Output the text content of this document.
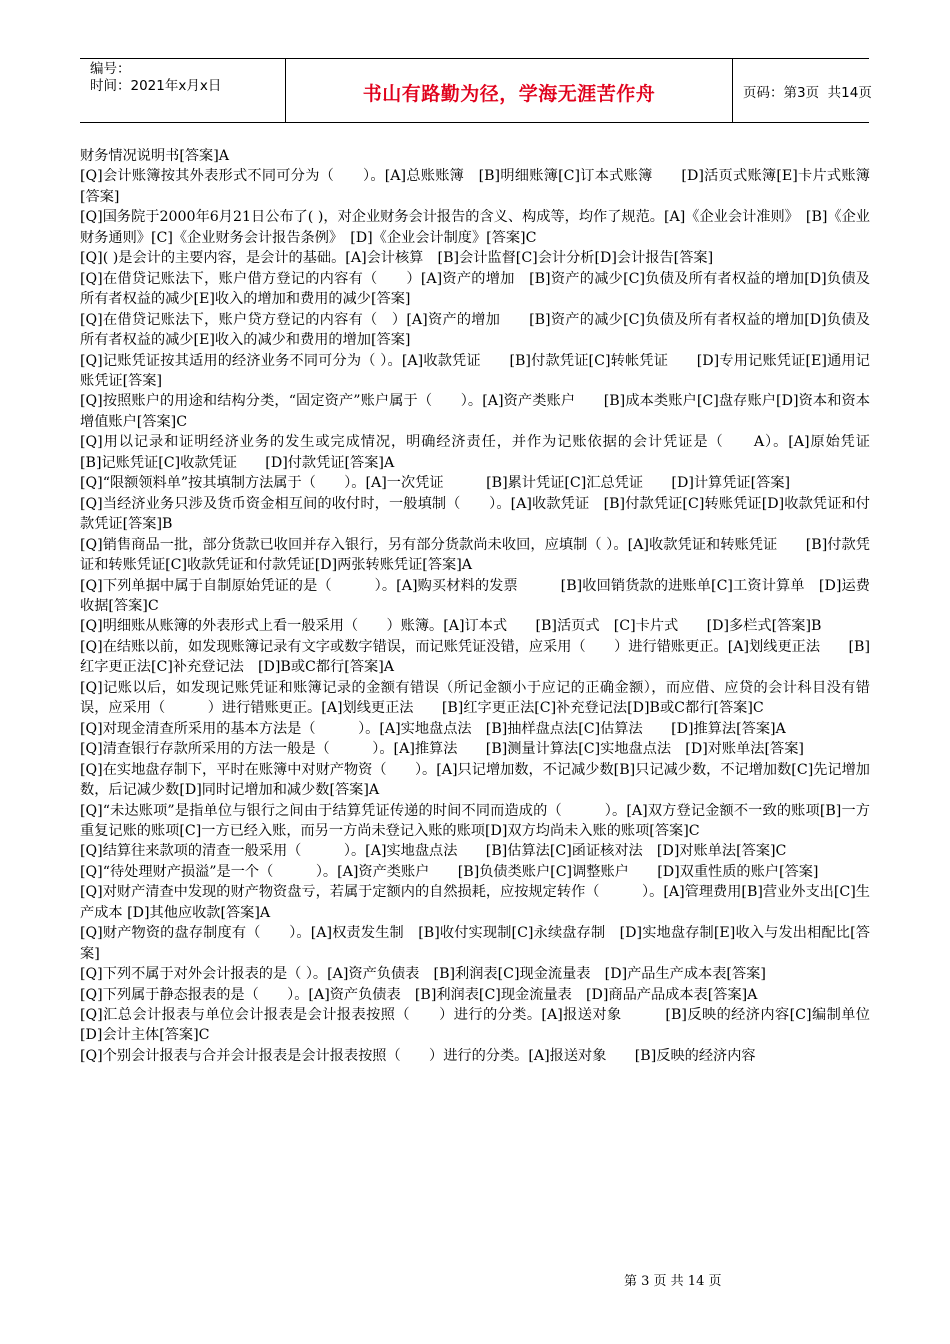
编号：
时间：2021年x月x日	书山有路勤为径，学海无涯苦作舟	页码：第3页  共14页

财务情况说明书[答案]A

[Q]会计账簿按其外表形式不同可分为（　　）。[A]总账账簿　[B]明细账簿[C]订本式账簿　　[D]活页式账簿[E]卡片式账簿[答案]

[Q]国务院于2000年6月21日公布了( )，对企业财务会计报告的含义、构成等，均作了规范。[A]《企业会计准则》　[B]《企业财务通则》[C]《企业财务会计报告条例》　[D]《企业会计制度》[答案]C

[Q]( )是会计的主要内容，是会计的基础。[A]会计核算　[B]会计监督[C]会计分析[D]会计报告[答案]

[Q]在借贷记账法下，账户借方登记的内容有（　　）[A]资产的增加　[B]资产的减少[C]负债及所有者权益的增加[D]负债及所有者权益的减少[E]收入的增加和费用的减少[答案]

[Q]在借贷记账法下，账户贷方登记的内容有（　）[A]资产的增加　　[B]资产的减少[C]负债及所有者权益的增加[D]负债及所有者权益的减少[E]收入的减少和费用的增加[答案]

[Q]记账凭证按其适用的经济业务不同可分为（ ）。[A]收款凭证　　[B]付款凭证[C]转帐凭证　　[D]专用记账凭证[E]通用记账凭证[答案]

[Q]按照账户的用途和结构分类，“固定资产”账户属于（　　）。[A]资产类账户　　[B]成本类账户[C]盘存账户[D]资本和资本增值账户[答案]C

[Q]用以记录和证明经济业务的发生或完成情况，明确经济责任，并作为记账依据的会计凭证是（　　A）。[A]原始凭证　　[B]记账凭证[C]收款凭证　　[D]付款凭证[答案]A

[Q]“限额领料单”按其填制方法属于（　　）。[A]一次凭证　　　[B]累计凭证[C]汇总凭证　　[D]计算凭证[答案]

[Q]当经济业务只涉及货币资金相互间的收付时，一般填制（　　）。[A]收款凭证　[B]付款凭证[C]转账凭证[D]收款凭证和付款凭证[答案]B

[Q]销售商品一批，部分货款已收回并存入银行，另有部分货款尚未收回，应填制（ ）。[A]收款凭证和转账凭证　　[B]付款凭证和转账凭证[C]收款凭证和付款凭证[D]两张转账凭证[答案]A

[Q]下列单据中属于自制原始凭证的是（　　　）。[A]购买材料的发票　　　[B]收回销货款的进账单[C]工资计算单　[D]运费收据[答案]C

[Q]明细账从账簿的外表形式上看一般采用（　　）账簿。[A]订本式　　[B]活页式　[C]卡片式　　[D]多栏式[答案]B

[Q]在结账以前，如发现账簿记录有文字或数字错误，而记账凭证没错，应采用（　　）进行错账更正。[A]划线更正法　　[B]红字更正法[C]补充登记法　[D]B或C都行[答案]A

[Q]记账以后，如发现记账凭证和账簿记录的金额有错误（所记金额小于应记的正确金额），而应借、应贷的会计科目没有错误，应采用（　　　）进行错账更正。[A]划线更正法　　[B]红字更正法[C]补充登记法[D]B或C都行[答案]C

[Q]对现金清查所采用的基本方法是（　　　）。[A]实地盘点法　[B]抽样盘点法[C]估算法　　[D]推算法[答案]A

[Q]清查银行存款所采用的方法一般是（　　　）。[A]推算法　　[B]测量计算法[C]实地盘点法　[D]对账单法[答案]

[Q]在实地盘存制下，平时在账簿中对财产物资（　　）。[A]只记增加数，不记减少数[B]只记减少数，不记增加数[C]先记增加数，后记减少数[D]同时记增加和减少数[答案]A

[Q]“未达账项”是指单位与银行之间由于结算凭证传递的时间不同而造成的（　　　）。[A]双方登记金额不一致的账项[B]一方重复记账的账项[C]一方已经入账，而另一方尚未登记入账的账项[D]双方均尚未入账的账项[答案]C

[Q]结算往来款项的清查一般采用（　　　）。[A]实地盘点法　　[B]估算法[C]函证核对法　[D]对账单法[答案]C

[Q]“待处理财产损溢”是一个（　　　）。[A]资产类账户　　[B]负债类账户[C]调整账户　　[D]双重性质的账户[答案]

[Q]对财产清查中发现的财产物资盘亏，若属于定额内的自然损耗，应按规定转作（　　　）。[A]管理费用[B]营业外支出[C]生产成本 [D]其他应收款[答案]A

[Q]财产物资的盘存制度有（　　）。[A]权责发生制　[B]收付实现制[C]永续盘存制　[D]实地盘存制[E]收入与发出相配比[答案]

[Q]下列不属于对外会计报表的是（ ）。[A]资产负债表　[B]利润表[C]现金流量表　[D]产品生产成本表[答案]

[Q]下列属于静态报表的是（　　）。[A]资产负债表　[B]利润表[C]现金流量表　[D]商品产品成本表[答案]A

[Q]汇总会计报表与单位会计报表是会计报表按照（　　）进行的分类。[A]报送对象　　　[B]反映的经济内容[C]编制单位　　[D]会计主体[答案]C

[Q]个别会计报表与合并会计报表是会计报表按照（　　）进行的分类。[A]报送对象　　[B]反映的经济内容

第 3 页 共 14 页
